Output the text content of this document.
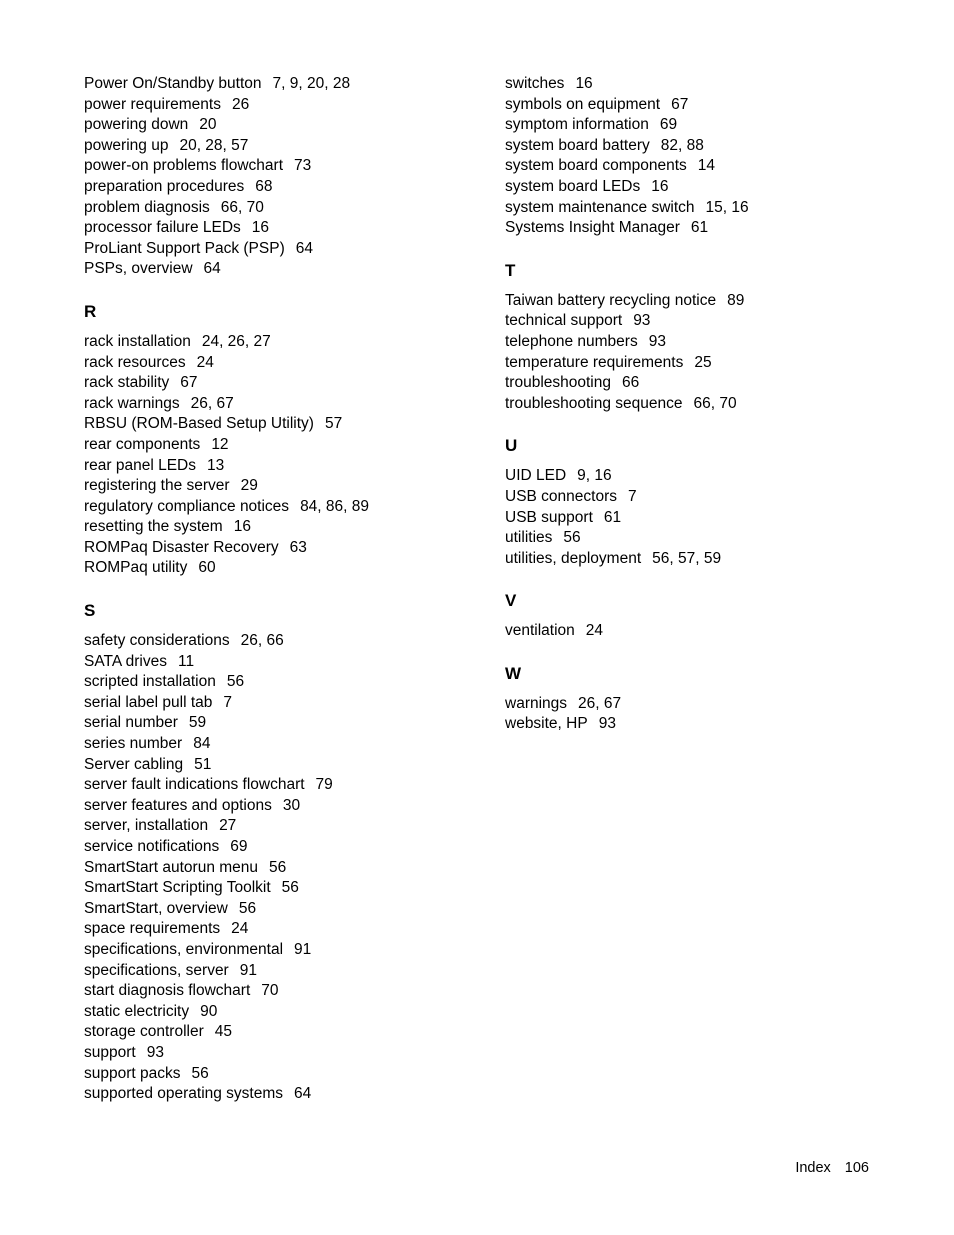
Power On/Standby button 7, 9, 20, 28
power requirements 26
powering down 20
powering up 20, 28, 57
power-on problems flowchart 73
preparation procedures 68
problem diagnosis 66, 70
processor failure LEDs 16
ProLiant Support Pack (PSP) 64
PSPs, overview 64
R
rack installation 24, 26, 27
rack resources 24
rack stability 67
rack warnings 26, 67
RBSU (ROM-Based Setup Utility) 57
rear components 12
rear panel LEDs 13
registering the server 29
regulatory compliance notices 84, 86, 89
resetting the system 16
ROMPaq Disaster Recovery 63
ROMPaq utility 60
S
safety considerations 26, 66
SATA drives 11
scripted installation 56
serial label pull tab 7
serial number 59
series number 84
Server cabling 51
server fault indications flowchart 79
server features and options 30
server, installation 27
service notifications 69
SmartStart autorun menu 56
SmartStart Scripting Toolkit 56
SmartStart, overview 56
space requirements 24
specifications, environmental 91
specifications, server 91
start diagnosis flowchart 70
static electricity 90
storage controller 45
support 93
support packs 56
supported operating systems 64
switches 16
symbols on equipment 67
symptom information 69
system board battery 82, 88
system board components 14
system board LEDs 16
system maintenance switch 15, 16
Systems Insight Manager 61
T
Taiwan battery recycling notice 89
technical support 93
telephone numbers 93
temperature requirements 25
troubleshooting 66
troubleshooting sequence 66, 70
U
UID LED 9, 16
USB connectors 7
USB support 61
utilities 56
utilities, deployment 56, 57, 59
V
ventilation 24
W
warnings 26, 67
website, HP 93
Index 106
